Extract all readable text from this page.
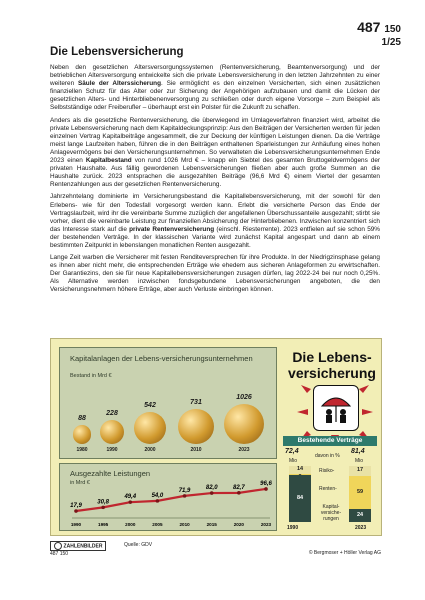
487 150
1/25
Die Lebensversicherung

Neben den gesetzlichen Altersversorgungssystemen (Rentenversicherung, Beamtenversorgung) und der betrieblichen Altersversorgung entwickelte sich die private Lebensversicherung in den letzten Jahrzehnten zu einer weiteren Säule der Alterssicherung. Sie ermöglicht es den einzelnen Versicherten, sich einen zusätzlichen finanziellen Schutz für das Alter oder zur Sicherung der Angehörigen aufzubauen und damit die Lücken der gesetzlichen Alters- und Hinterbliebenenversorgung zu schließen oder durch eigene Vorsorge – zum Beispiel als Selbstständige oder Freiberufler – überhaupt erst ein Polster für die Zukunft zu schaffen.

Anders als die gesetzliche Rentenversicherung, die überwiegend im Umlageverfahren finanziert wird, arbeitet die private Lebensversicherung nach dem Kapitaldeckungsprinzip: Aus den Beiträgen der Versicherten werden für jeden einzelnen Vertrag Kapitalbeiträge angesammelt, die zur Deckung der künftigen Leistungen dienen. Da die Verträge meist lange Laufzeiten haben, führen die in den Beiträgen enthaltenen Sparleistungen zur Anhäufung eines hohen Anlagevermögens bei den Versicherungsunternehmen. So verwalteten die Lebensversicherungsunternehmen Ende 2023 einen Kapitalbestand von rund 1026 Mrd € – knapp ein Siebtel des gesamten Bruttogeldvermögens der privaten Haushalte. Aus fällig gewordenen Lebensversicherungen fließen aber auch große Summen an die Haushalte zurück. 2023 entsprachen die ausgezahlten Beiträge (96,6 Mrd €) einem Viertel der gesamten Rentenzahlungen aus der gesetzlichen Rentenversicherung.

Jahrzehntelang dominierte im Versicherungsbestand die Kapitallebensversicherung, mit der sowohl für den Erlebens- wie für den Todesfall vorgesorgt werden kann. Erlebt die versicherte Person das Ende der Vertragslaufzeit, wird ihr die vereinbarte Summe zuzüglich der angefallenen Überschussanteile ausgezahlt; stirbt sie vorher, dient die vereinbarte Leistung zur finanziellen Absicherung der Hinterbliebenen. Inzwischen konzentriert sich das Interesse stark auf die private Rentenversicherung (einschl. Riesterrente). 2023 entfielen auf sie schon 59% der bestehenden Verträge. In der klassischen Variante wird zunächst Kapital angespart und dann ab einem bestimmten Zeitpunkt in lebenslangen monatlichen Renten ausgezahlt.

Lange Zeit warben die Versicherer mit festen Renditeversprechen für ihre Produkte. In der Niedrigzinsphase gelang es ihnen aber nicht mehr, die entsprechenden Erträge wie ehedem aus sicheren Anlageformen zu erwirtschaften. Der Garantiezins, den sie für neue Kapitallebensversicherungen zusagen dürfen, lag 2022-24 bei nur noch 0,25%. Als Alternative werden inzwischen fondsgebundene Lebensversicherungen angeboten, die den Versicherungsnehmern höhere Erträge, aber auch Verluste einbringen können.

Kapitalanlagen der Lebens-versicherungsunternehmen
Bestand in Mrd €
88
1980
228
1990
542
2000
731
2010
1026
2023
Die Lebens-versicherung
Ausgezahlte Leistungen
in Mrd €
17,9
1990
30,8
1995
49,4
2000
54,0
2005
71,9
2010
82,0
2015
82,7
2020
96,6
2023
Bestehende Verträge
72,4
Mio
davon in %
81,4
Mio
14
84
17
59
24
Risiko-
Renten-
Kapital-versiche-rungen
1990	2023
ZAHLENBILDER
487 150
Quelle: GDV
© Bergmoser + Höller Verlag AG
